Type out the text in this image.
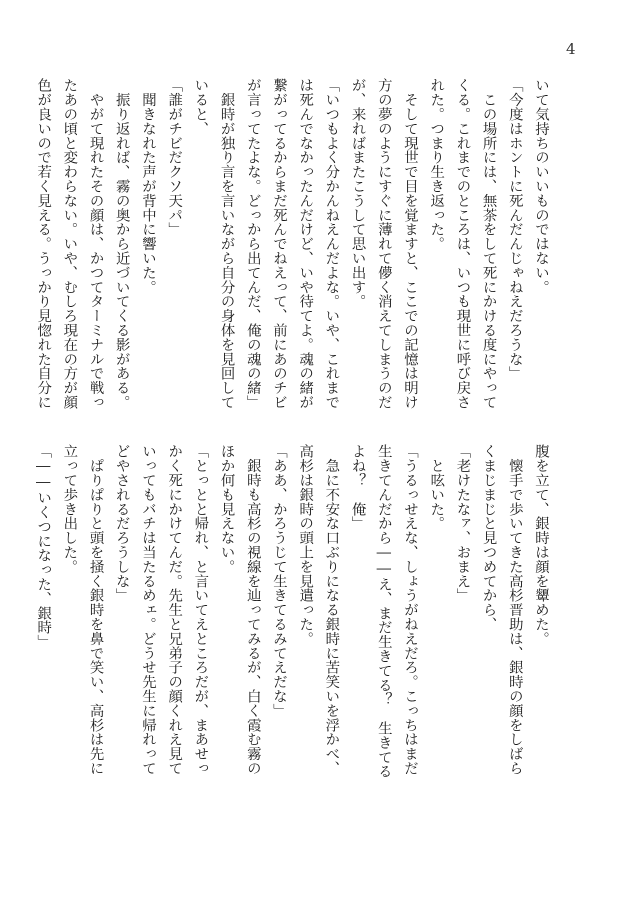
4
いて気持ちのいいものではない。
「今度はホントに死んだんじゃねえだろうな」
　この場所には、無茶をして死にかける度にやって
くる。これまでのところは、いつも現世に呼び戻さ
れた。つまり生き返った。
　そして現世で目を覚ますと、ここでの記憶は明け
方の夢のようにすぐに薄れて儚く消えてしまうのだ
が、来ればまたこうして思い出す。
「いつもよく分かんねえんだよな。いや、これまで
は死んでなかったんだけど、いや待てよ。魂の緒が
繋がってるからまだ死んでねえって、前にあのチビ
が言ってたよな。どっから出てんだ、俺の魂の緒」
　銀時が独り言を言いながら自分の身体を見回して
いると、
「誰がチビだクソ天パ」
　聞きなれた声が背中に響いた。
　振り返れば、霧の奥から近づいてくる影がある。
　やがて現れたその顔は、かつてターミナルで戦っ
たあの頃と変わらない。いや、むしろ現在の方が顔
色が良いので若く見える。うっかり見惚れた自分に
腹を立て、銀時は顔を顰めた。
　懐手で歩いてきた高杉晋助は、銀時の顔をしばら
くまじまじと見つめてから、
「老けたなァ、おまえ」
　と呟いた。
「うるっせえな、しょうがねえだろ。こっちはまだ
生きてんだから――え、まだ生きてる？　生きてる
よね？　俺」
　急に不安な口ぶりになる銀時に苦笑いを浮かべ、
高杉は銀時の頭上を見遣った。
「ああ、かろうじて生きてるみてえだな」
　銀時も高杉の視線を辿ってみるが、白く霞む霧の
ほか何も見えない。
「とっとと帰れ、と言いてえところだが、まあせっ
かく死にかけてんだ。先生と兄弟子の顔くれえ見て
いってもバチは当たるめェ。どうせ先生に帰れって
どやされるだろうしな」
　ぱりぱりと頭を掻く銀時を鼻で笑い、高杉は先に
立って歩き出した。
「――いくつになった、銀時」
